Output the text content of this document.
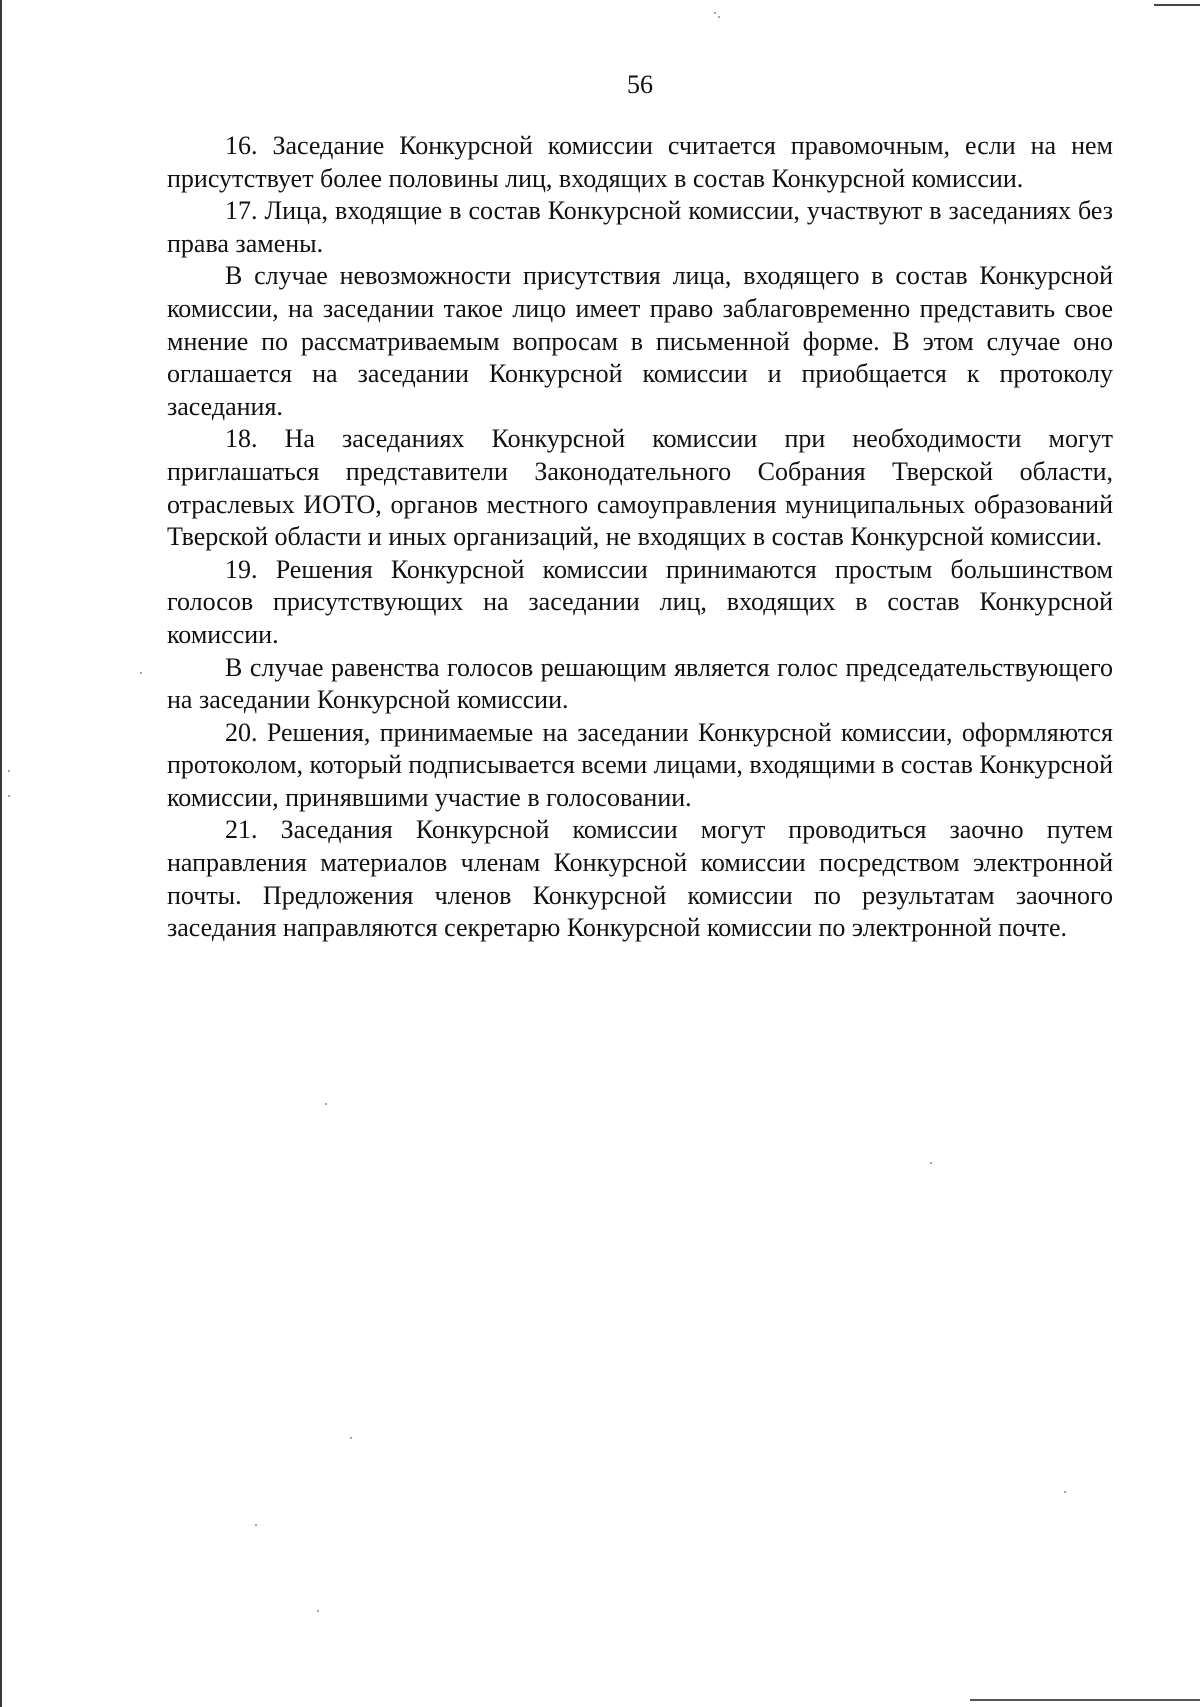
56

16. Заседание Конкурсной комиссии считается правомочным, если на нем присутствует более половины лиц, входящих в состав Конкурсной комиссии.

17. Лица, входящие в состав Конкурсной комиссии, участвуют в заседаниях без права замены.

В случае невозможности присутствия лица, входящего в состав Конкурсной комиссии, на заседании такое лицо имеет право заблаговременно представить свое мнение по рассматриваемым вопросам в письменной форме. В этом случае оно оглашается на заседании Конкурсной комиссии и приобщается к протоколу заседания.

18. На заседаниях Конкурсной комиссии при необходимости могут приглашаться представители Законодательного Собрания Тверской области, отраслевых ИОТО, органов местного самоуправления муниципальных образований Тверской области и иных организаций, не входящих в состав Конкурсной комиссии.

19. Решения Конкурсной комиссии принимаются простым большинством голосов присутствующих на заседании лиц, входящих в состав Конкурсной комиссии.

В случае равенства голосов решающим является голос председательствующего на заседании Конкурсной комиссии.

20. Решения, принимаемые на заседании Конкурсной комиссии, оформляются протоколом, который подписывается всеми лицами, входящими в состав Конкурсной комиссии, принявшими участие в голосовании.

21. Заседания Конкурсной комиссии могут проводиться заочно путем направления материалов членам Конкурсной комиссии посредством электронной почты. Предложения членов Конкурсной комиссии по результатам заочного заседания направляются секретарю Конкурсной комиссии по электронной почте.
